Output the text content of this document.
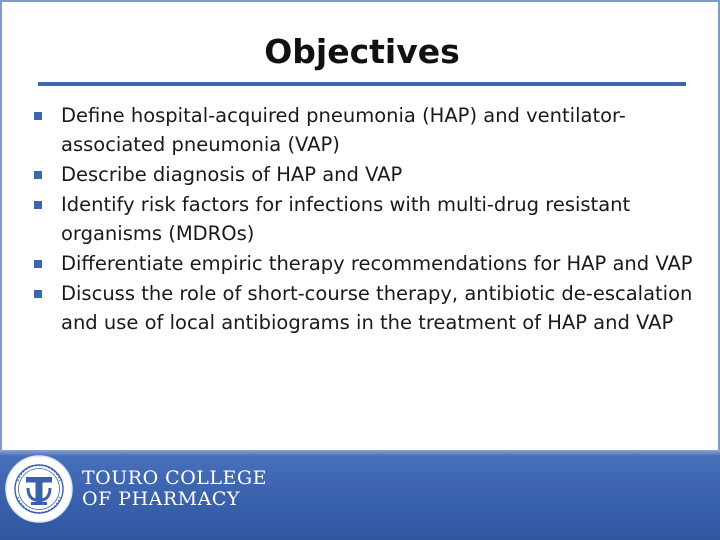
Objectives
Define hospital-acquired pneumonia (HAP) and ventilator-associated pneumonia (VAP)
Describe diagnosis of HAP and VAP
Identify risk factors for infections with multi-drug resistant organisms (MDROs)
Differentiate empiric therapy recommendations for HAP and VAP
Discuss the role of short-course therapy, antibiotic de-escalation and use of local antibiograms in the treatment of HAP and VAP
TOURO COLLEGE
OF PHARMACY
